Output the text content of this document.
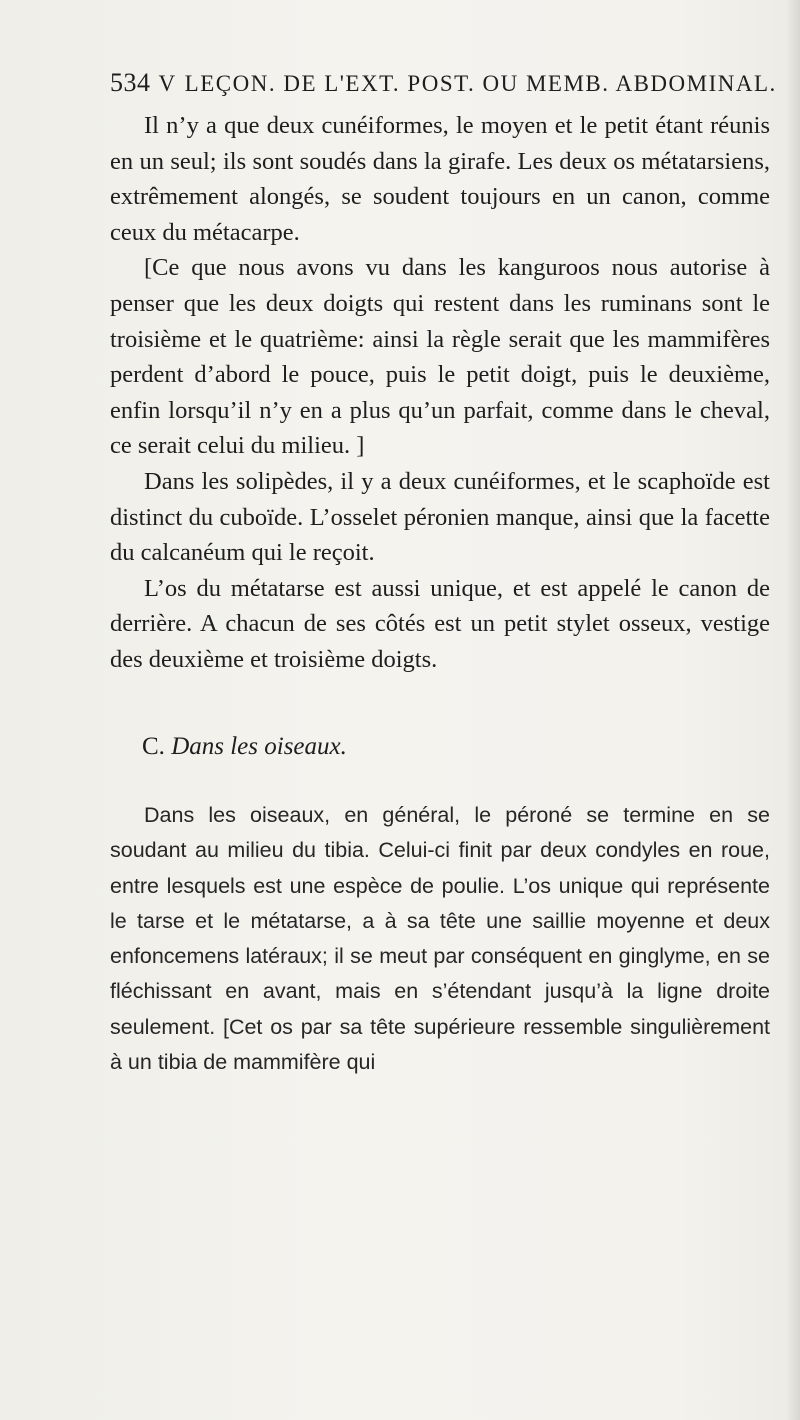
534 V LEÇON. DE L'EXT. POST. OU MEMB. ABDOMINAL.

Il n’y a que deux cunéiformes, le moyen et le petit étant réunis en un seul; ils sont soudés dans la girafe. Les deux os métatarsiens, extrêmement alongés, se soudent toujours en un canon, comme ceux du métacarpe.

[Ce que nous avons vu dans les kanguroos nous autorise à penser que les deux doigts qui restent dans les ruminans sont le troisième et le quatrième: ainsi la règle serait que les mammifères perdent d’abord le pouce, puis le petit doigt, puis le deuxième, enfin lorsqu’il n’y en a plus qu’un parfait, comme dans le cheval, ce serait celui du milieu. ]

Dans les solipèdes, il y a deux cunéiformes, et le scaphoïde est distinct du cuboïde. L’osselet péronien manque, ainsi que la facette du calcanéum qui le reçoit.

L’os du métatarse est aussi unique, et est appelé le canon de derrière. A chacun de ses côtés est un petit stylet osseux, vestige des deuxième et troisième doigts.

C. Dans les oiseaux.

Dans les oiseaux, en général, le péroné se termine en se soudant au milieu du tibia. Celui-ci finit par deux condyles en roue, entre lesquels est une espèce de poulie. L’os unique qui représente le tarse et le métatarse, a à sa tête une saillie moyenne et deux enfoncemens latéraux; il se meut par conséquent en ginglyme, en se fléchissant en avant, mais en s’étendant jusqu’à la ligne droite seulement. [Cet os par sa tête supérieure ressemble singulièrement à un tibia de mammifère qui
